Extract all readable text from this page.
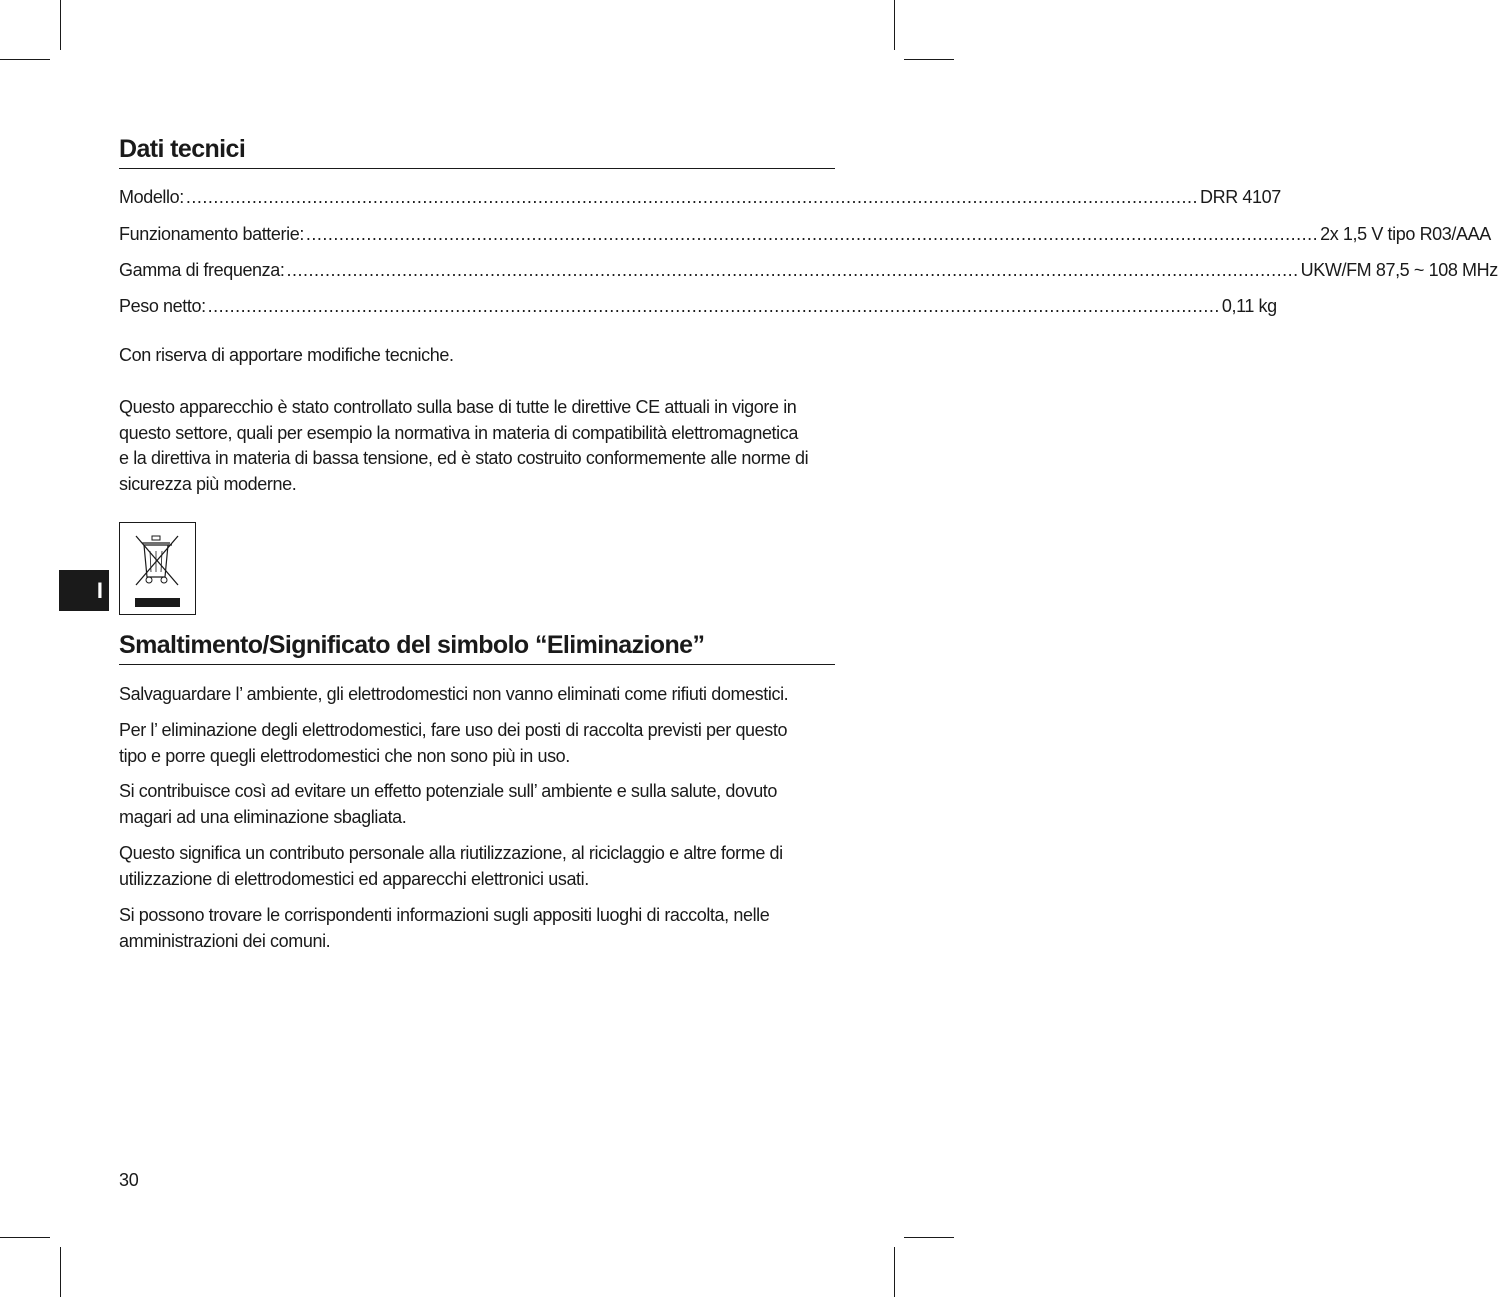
Dati tecnici
Modello: ........................................................................................................................................................................................ DRR 4107
Funzionamento batterie: ........................................................................................................................................................................................ 2x 1,5 V tipo R03/AAA
Gamma di frequenza: ........................................................................................................................................................................................ UKW/FM 87,5 ~ 108 MHz
Peso netto: ........................................................................................................................................................................................ 0,11 kg
Con riserva di apportare modifiche tecniche.
Questo apparecchio è stato controllato sulla base di tutte le direttive CE attuali in vigore in
questo settore, quali per esempio la normativa in materia di compatibilità elettromagnetica
e la direttiva in materia di bassa tensione, ed è stato costruito conformemente alle norme di
sicurezza più moderne.
Smaltimento/Significato del simbolo “Eliminazione”
Salvaguardare l’ ambiente, gli elettrodomestici non vanno eliminati come rifiuti domestici.
Per l’ eliminazione degli elettrodomestici, fare uso dei posti di raccolta previsti per questo
tipo e porre quegli elettrodomestici che non sono più in uso.
Si contribuisce così ad evitare un effetto potenziale sull’ ambiente e sulla salute, dovuto
magari ad una eliminazione sbagliata.
Questo significa un contributo personale alla riutilizzazione, al riciclaggio e altre forme di
utilizzazione di elettrodomestici ed apparecchi elettronici usati.
Si possono trovare le corrispondenti informazioni sugli appositi luoghi di raccolta, nelle
amministrazioni dei comuni.
I
30
